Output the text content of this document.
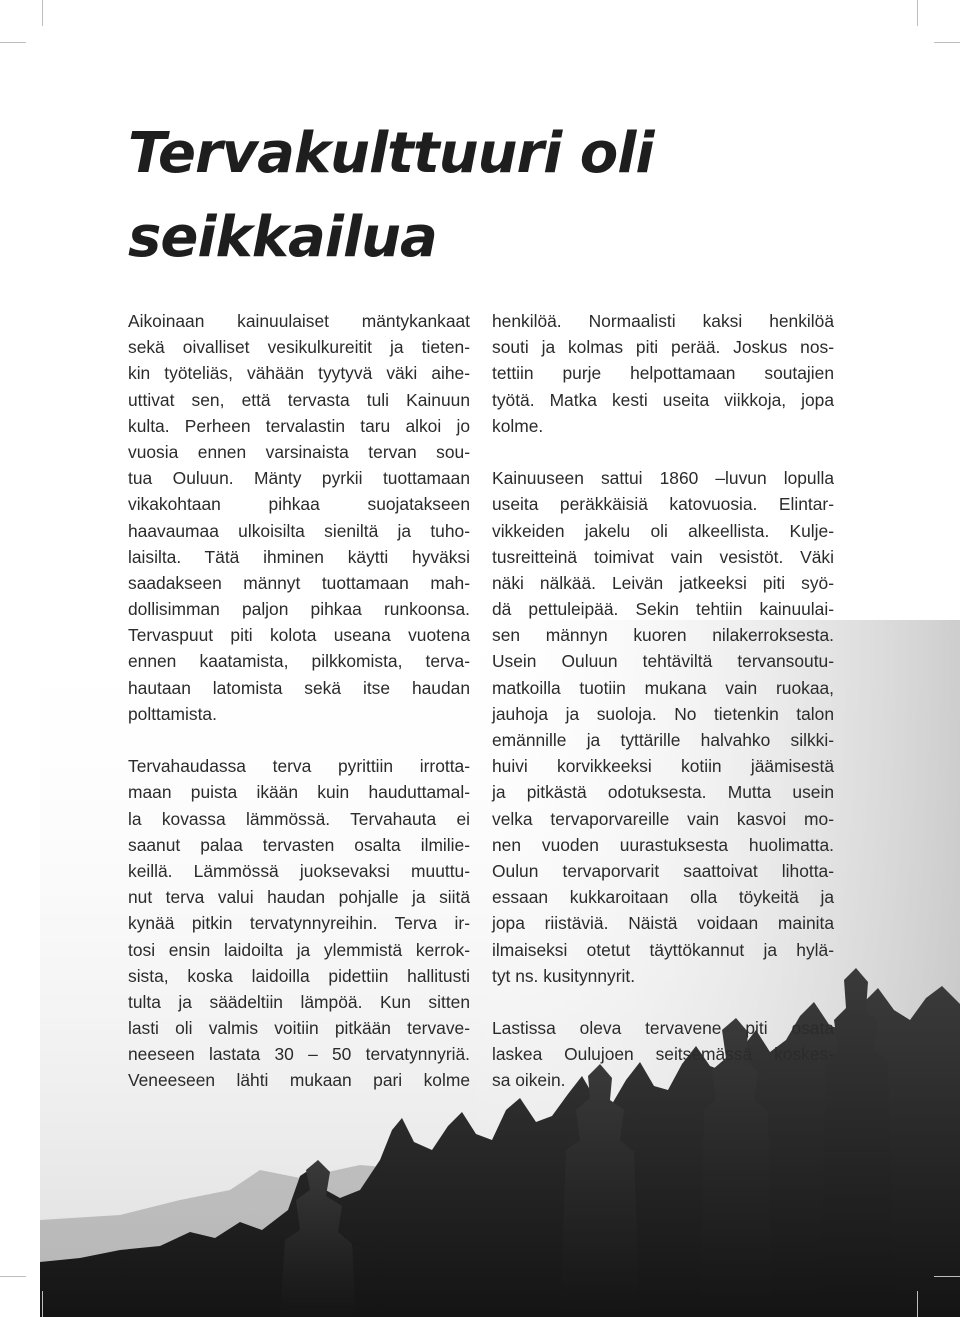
Tervakulttuuri oli
seikkailua
Aikoinaan kainuulaiset mäntykankaat
sekä oivalliset vesikulkureitit ja tieten-
kin työteliäs, vähään tyytyvä väki aihe-
uttivat sen, että tervasta tuli Kainuun
kulta. Perheen tervalastin taru alkoi jo
vuosia ennen varsinaista tervan sou-
tua Ouluun. Mänty pyrkii tuottamaan
vikakohtaan pihkaa suojatakseen
haavaumaa ulkoisilta sieniltä ja tuho-
laisilta. Tätä ihminen käytti hyväksi
saadakseen männyt tuottamaan mah-
dollisimman paljon pihkaa runkoonsa.
Tervaspuut piti kolota useana vuotena
ennen kaatamista, pilkkomista, terva-
hautaan latomista sekä itse haudan
polttamista.
Tervahaudassa terva pyrittiin irrotta-
maan puista ikään kuin hauduttamal-
la kovassa lämmössä. Tervahauta ei
saanut palaa tervasten osalta ilmilie-
keillä. Lämmössä juoksevaksi muuttu-
nut terva valui haudan pohjalle ja siitä
kynää pitkin tervatynnyreihin. Terva ir-
tosi ensin laidoilta ja ylemmistä kerrok-
sista, koska laidoilla pidettiin hallitusti
tulta ja säädeltiin lämpöä. Kun sitten
lasti oli valmis voitiin pitkään tervave-
neeseen lastata 30 – 50 tervatynnyriä.
Veneeseen lähti mukaan pari kolme
henkilöä. Normaalisti kaksi henkilöä
souti ja kolmas piti perää. Joskus nos-
tettiin purje helpottamaan soutajien
työtä. Matka kesti useita viikkoja, jopa
kolme.
Kainuuseen sattui 1860 –luvun lopulla
useita peräkkäisiä katovuosia. Elintar-
vikkeiden jakelu oli alkeellista. Kulje-
tusreitteinä toimivat vain vesistöt. Väki
näki nälkää. Leivän jatkeeksi piti syö-
dä pettuleipää. Sekin tehtiin kainuulai-
sen männyn kuoren nilakerroksesta.
Usein Ouluun tehtäviltä tervansoutu-
matkoilla tuotiin mukana vain ruokaa,
jauhoja ja suoloja. No tietenkin talon
emännille ja tyttärille halvahko silkki-
huivi korvikkeeksi kotiin jäämisestä
ja pitkästä odotuksesta. Mutta usein
velka tervaporvareille vain kasvoi mo-
nen vuoden uurastuksesta huolimatta.
Oulun tervaporvarit saattoivat lihotta-
essaan kukkaroitaan olla töykeitä ja
jopa riistäviä. Näistä voidaan mainita
ilmaiseksi otetut täyttökannut ja hylä-
tyt ns. kusitynnyrit.
Lastissa oleva tervavene piti osata
laskea Oulujoen seitsemässä koskes-
sa oikein.
